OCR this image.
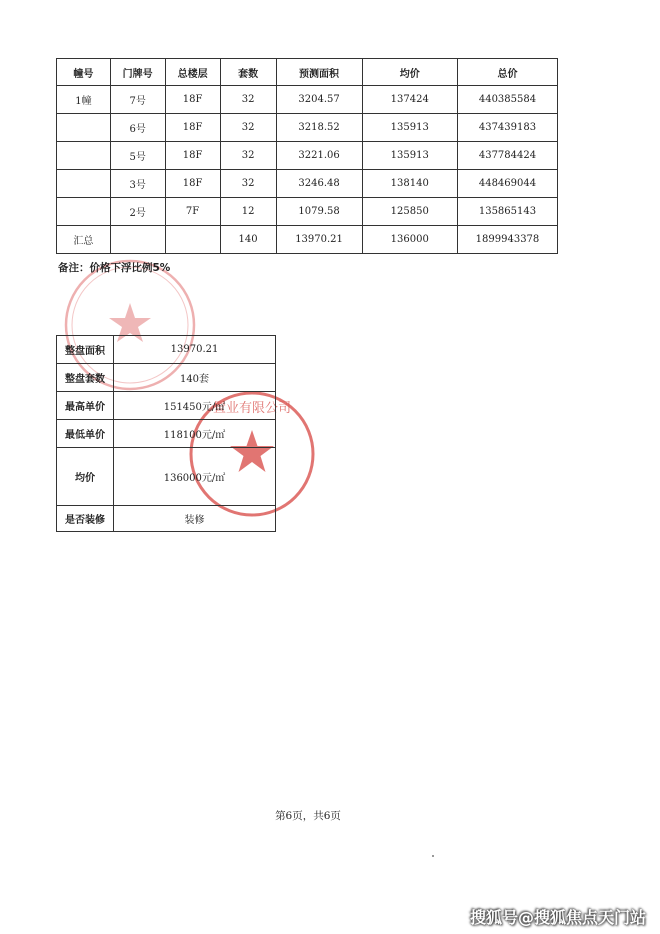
置业有限公司
幢号	门牌号	总楼层	套数	预测面积	均价	总价
1幢	7号	18F	32	3204.57	137424	440385584
	6号	18F	32	3218.52	135913	437439183
	5号	18F	32	3221.06	135913	437784424
	3号	18F	32	3246.48	138140	448469044
	2号	7F	12	1079.58	125850	135865143
汇总			140	13970.21	136000	1899943378
备注：价格下浮比例5%
整盘面积	13970.21
整盘套数	140套
最高单价	151450元/㎡
最低单价	118100元/㎡
均价	136000元/㎡
是否装修	装修
第6页，共6页
搜狐号@搜狐焦点天门站
